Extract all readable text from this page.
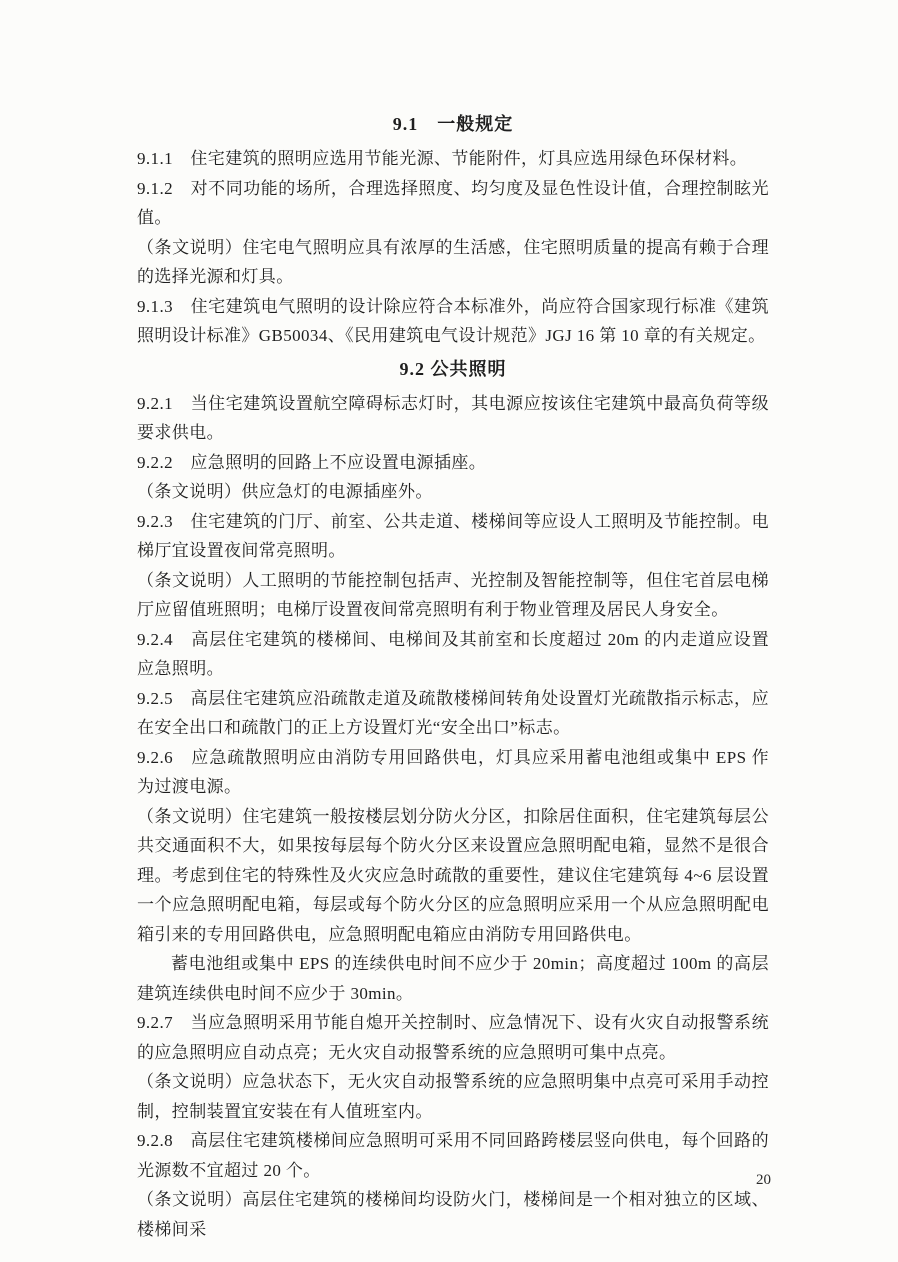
9.1　一般规定

9.1.1　住宅建筑的照明应选用节能光源、节能附件，灯具应选用绿色环保材料。

9.1.2　对不同功能的场所，合理选择照度、均匀度及显色性设计值，合理控制眩光值。

（条文说明）住宅电气照明应具有浓厚的生活感，住宅照明质量的提高有赖于合理的选择光源和灯具。

9.1.3　住宅建筑电气照明的设计除应符合本标准外，尚应符合国家现行标准《建筑照明设计标准》GB50034、《民用建筑电气设计规范》JGJ 16 第 10 章的有关规定。

9.2 公共照明

9.2.1　当住宅建筑设置航空障碍标志灯时，其电源应按该住宅建筑中最高负荷等级要求供电。

9.2.2　应急照明的回路上不应设置电源插座。

（条文说明）供应急灯的电源插座外。

9.2.3　住宅建筑的门厅、前室、公共走道、楼梯间等应设人工照明及节能控制。电梯厅宜设置夜间常亮照明。

（条文说明）人工照明的节能控制包括声、光控制及智能控制等，但住宅首层电梯厅应留值班照明；电梯厅设置夜间常亮照明有利于物业管理及居民人身安全。

9.2.4　高层住宅建筑的楼梯间、电梯间及其前室和长度超过 20m 的内走道应设置应急照明。

9.2.5　高层住宅建筑应沿疏散走道及疏散楼梯间转角处设置灯光疏散指示标志，应在安全出口和疏散门的正上方设置灯光“安全出口”标志。

9.2.6　应急疏散照明应由消防专用回路供电，灯具应采用蓄电池组或集中 EPS 作为过渡电源。

（条文说明）住宅建筑一般按楼层划分防火分区，扣除居住面积，住宅建筑每层公共交通面积不大，如果按每层每个防火分区来设置应急照明配电箱，显然不是很合理。考虑到住宅的特殊性及火灾应急时疏散的重要性，建议住宅建筑每 4~6 层设置一个应急照明配电箱，每层或每个防火分区的应急照明应采用一个从应急照明配电箱引来的专用回路供电，应急照明配电箱应由消防专用回路供电。

蓄电池组或集中 EPS 的连续供电时间不应少于 20min；高度超过 100m 的高层建筑连续供电时间不应少于 30min。

9.2.7　当应急照明采用节能自熄开关控制时、应急情况下、设有火灾自动报警系统的应急照明应自动点亮；无火灾自动报警系统的应急照明可集中点亮。

（条文说明）应急状态下，无火灾自动报警系统的应急照明集中点亮可采用手动控制，控制装置宜安装在有人值班室内。

9.2.8　高层住宅建筑楼梯间应急照明可采用不同回路跨楼层竖向供电，每个回路的光源数不宜超过 20 个。

（条文说明）高层住宅建筑的楼梯间均设防火门，楼梯间是一个相对独立的区域、楼梯间采

20
